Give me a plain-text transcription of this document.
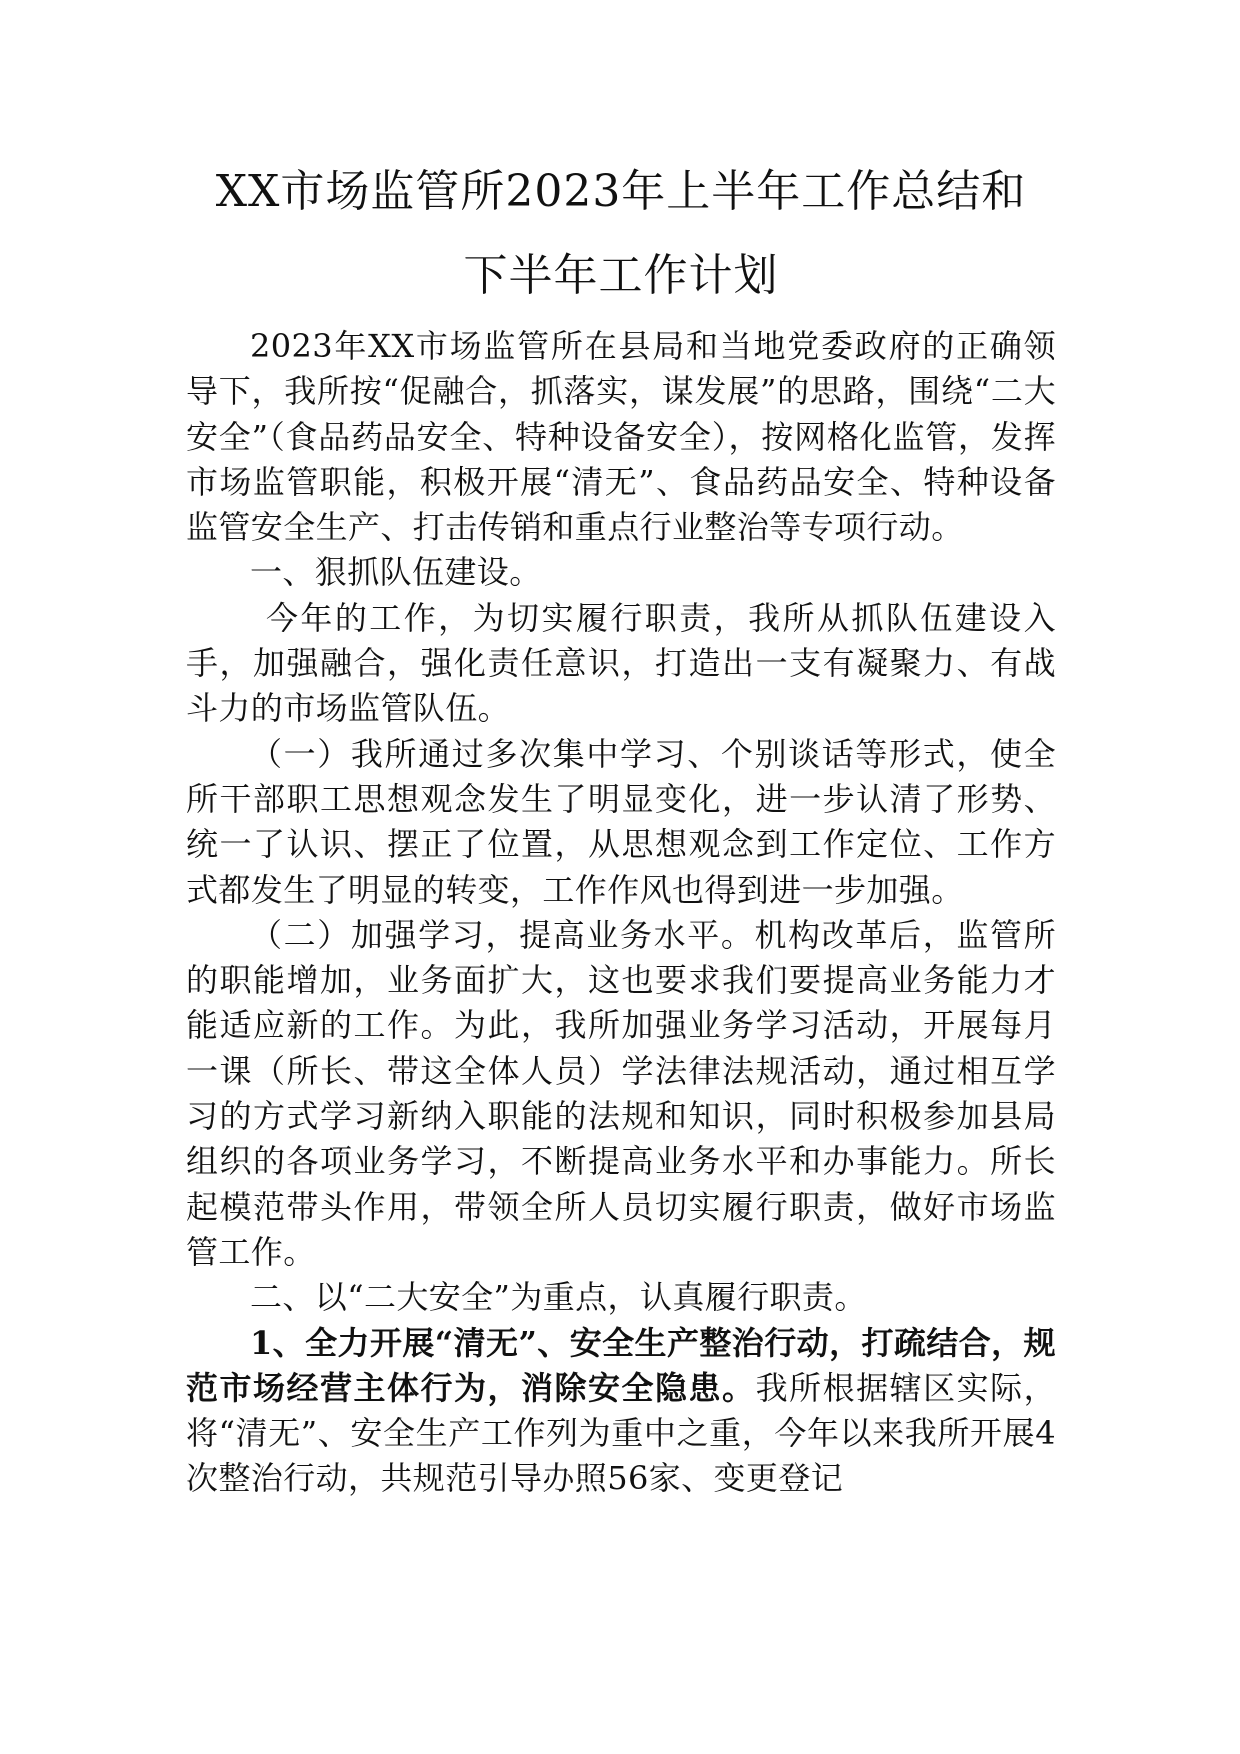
XX市场监管所2023年上半年工作总结和
下半年工作计划

2023年XX市场监管所在县局和当地党委政府的正确领导下，我所按“促融合，抓落实，谋发展”的思路，围绕“二大安全”（食品药品安全、特种设备安全），按网格化监管，发挥市场监管职能，积极开展“清无”、食品药品安全、特种设备监管安全生产、打击传销和重点行业整治等专项行动。

一、狠抓队伍建设。

今年的工作，为切实履行职责，我所从抓队伍建设入手，加强融合，强化责任意识，打造出一支有凝聚力、有战斗力的市场监管队伍。

（一）我所通过多次集中学习、个别谈话等形式，使全所干部职工思想观念发生了明显变化，进一步认清了形势、统一了认识、摆正了位置，从思想观念到工作定位、工作方式都发生了明显的转变，工作作风也得到进一步加强。

（二）加强学习，提高业务水平。机构改革后，监管所的职能增加，业务面扩大，这也要求我们要提高业务能力才能适应新的工作。为此，我所加强业务学习活动，开展每月一课（所长、带这全体人员）学法律法规活动，通过相互学习的方式学习新纳入职能的法规和知识，同时积极参加县局组织的各项业务学习，不断提高业务水平和办事能力。所长起模范带头作用，带领全所人员切实履行职责，做好市场监管工作。

二、以“二大安全”为重点，认真履行职责。

1、全力开展“清无”、安全生产整治行动，打疏结合，规范市场经营主体行为，消除安全隐患。我所根据辖区实际，将“清无”、安全生产工作列为重中之重，今年以来我所开展4次整治行动，共规范引导办照56家、变更登记
